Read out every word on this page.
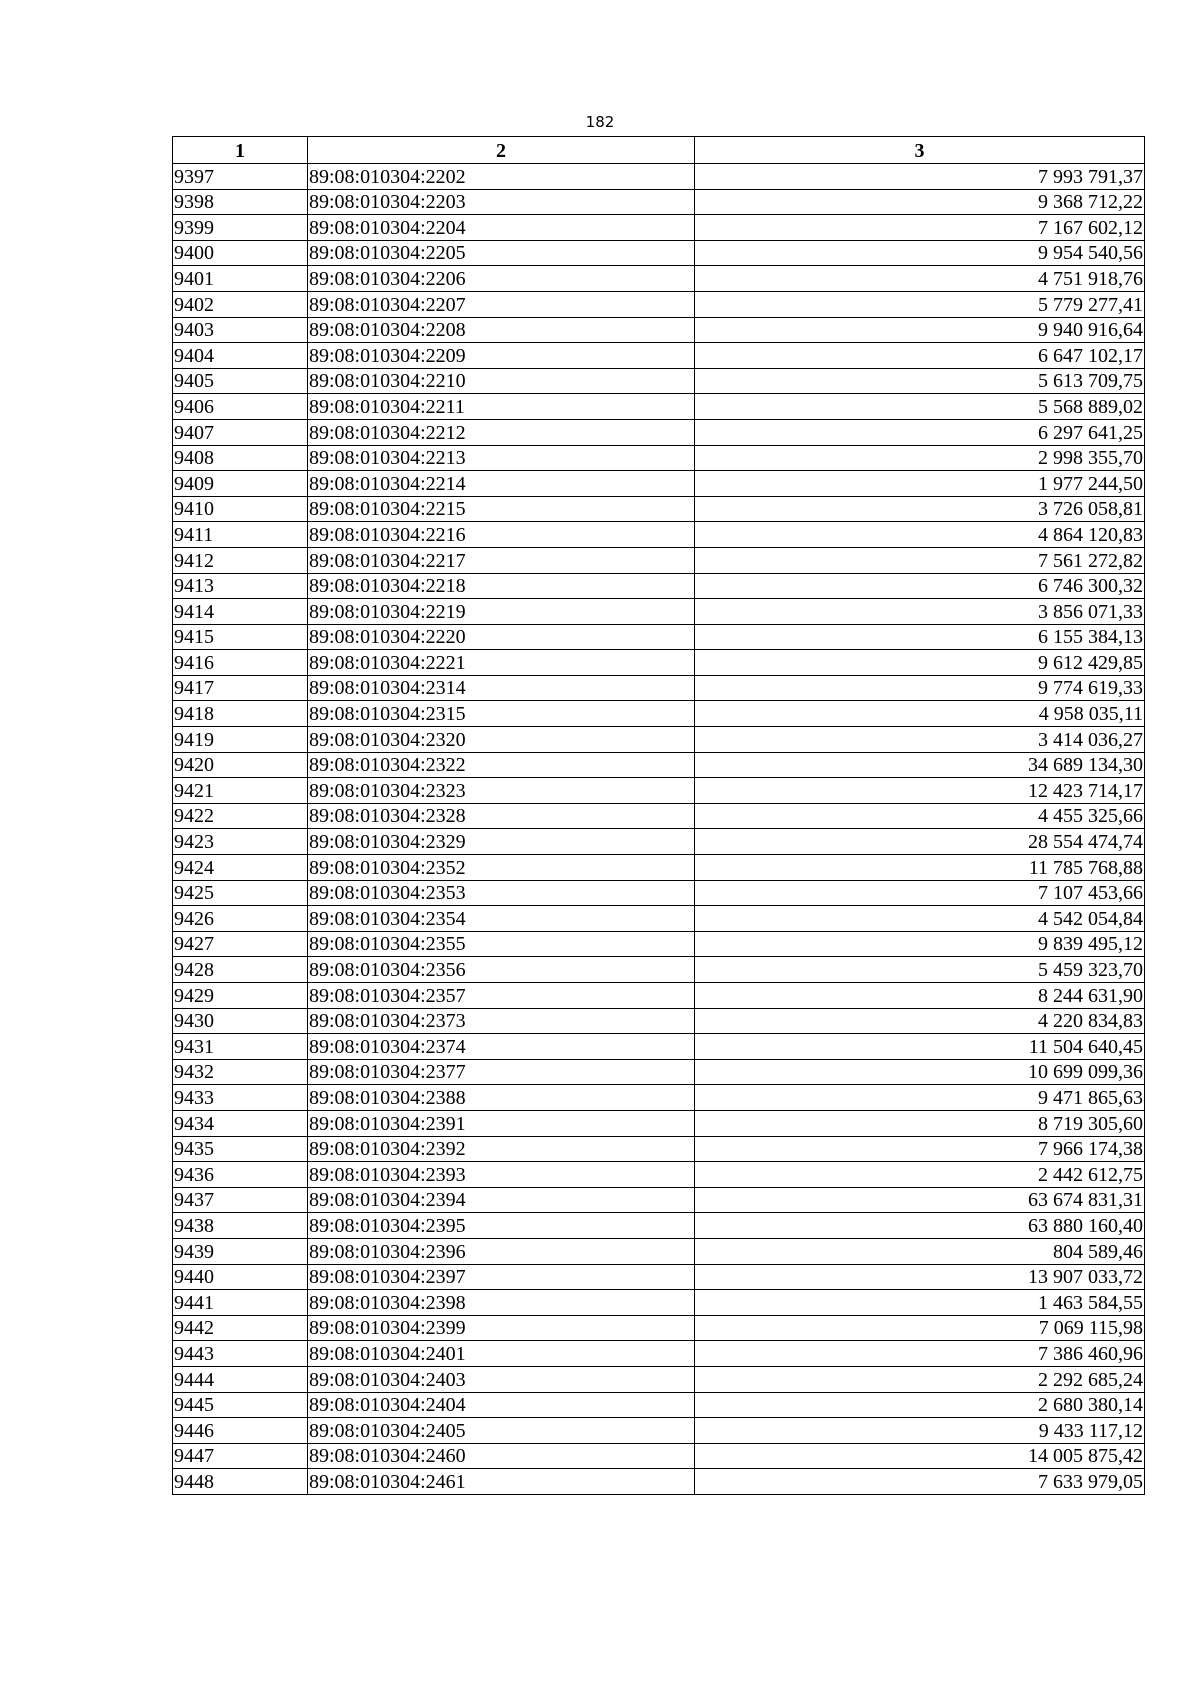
182
1	2	3
9397	89:08:010304:2202	7 993 791,37
9398	89:08:010304:2203	9 368 712,22
9399	89:08:010304:2204	7 167 602,12
9400	89:08:010304:2205	9 954 540,56
9401	89:08:010304:2206	4 751 918,76
9402	89:08:010304:2207	5 779 277,41
9403	89:08:010304:2208	9 940 916,64
9404	89:08:010304:2209	6 647 102,17
9405	89:08:010304:2210	5 613 709,75
9406	89:08:010304:2211	5 568 889,02
9407	89:08:010304:2212	6 297 641,25
9408	89:08:010304:2213	2 998 355,70
9409	89:08:010304:2214	1 977 244,50
9410	89:08:010304:2215	3 726 058,81
9411	89:08:010304:2216	4 864 120,83
9412	89:08:010304:2217	7 561 272,82
9413	89:08:010304:2218	6 746 300,32
9414	89:08:010304:2219	3 856 071,33
9415	89:08:010304:2220	6 155 384,13
9416	89:08:010304:2221	9 612 429,85
9417	89:08:010304:2314	9 774 619,33
9418	89:08:010304:2315	4 958 035,11
9419	89:08:010304:2320	3 414 036,27
9420	89:08:010304:2322	34 689 134,30
9421	89:08:010304:2323	12 423 714,17
9422	89:08:010304:2328	4 455 325,66
9423	89:08:010304:2329	28 554 474,74
9424	89:08:010304:2352	11 785 768,88
9425	89:08:010304:2353	7 107 453,66
9426	89:08:010304:2354	4 542 054,84
9427	89:08:010304:2355	9 839 495,12
9428	89:08:010304:2356	5 459 323,70
9429	89:08:010304:2357	8 244 631,90
9430	89:08:010304:2373	4 220 834,83
9431	89:08:010304:2374	11 504 640,45
9432	89:08:010304:2377	10 699 099,36
9433	89:08:010304:2388	9 471 865,63
9434	89:08:010304:2391	8 719 305,60
9435	89:08:010304:2392	7 966 174,38
9436	89:08:010304:2393	2 442 612,75
9437	89:08:010304:2394	63 674 831,31
9438	89:08:010304:2395	63 880 160,40
9439	89:08:010304:2396	804 589,46
9440	89:08:010304:2397	13 907 033,72
9441	89:08:010304:2398	1 463 584,55
9442	89:08:010304:2399	7 069 115,98
9443	89:08:010304:2401	7 386 460,96
9444	89:08:010304:2403	2 292 685,24
9445	89:08:010304:2404	2 680 380,14
9446	89:08:010304:2405	9 433 117,12
9447	89:08:010304:2460	14 005 875,42
9448	89:08:010304:2461	7 633 979,05
